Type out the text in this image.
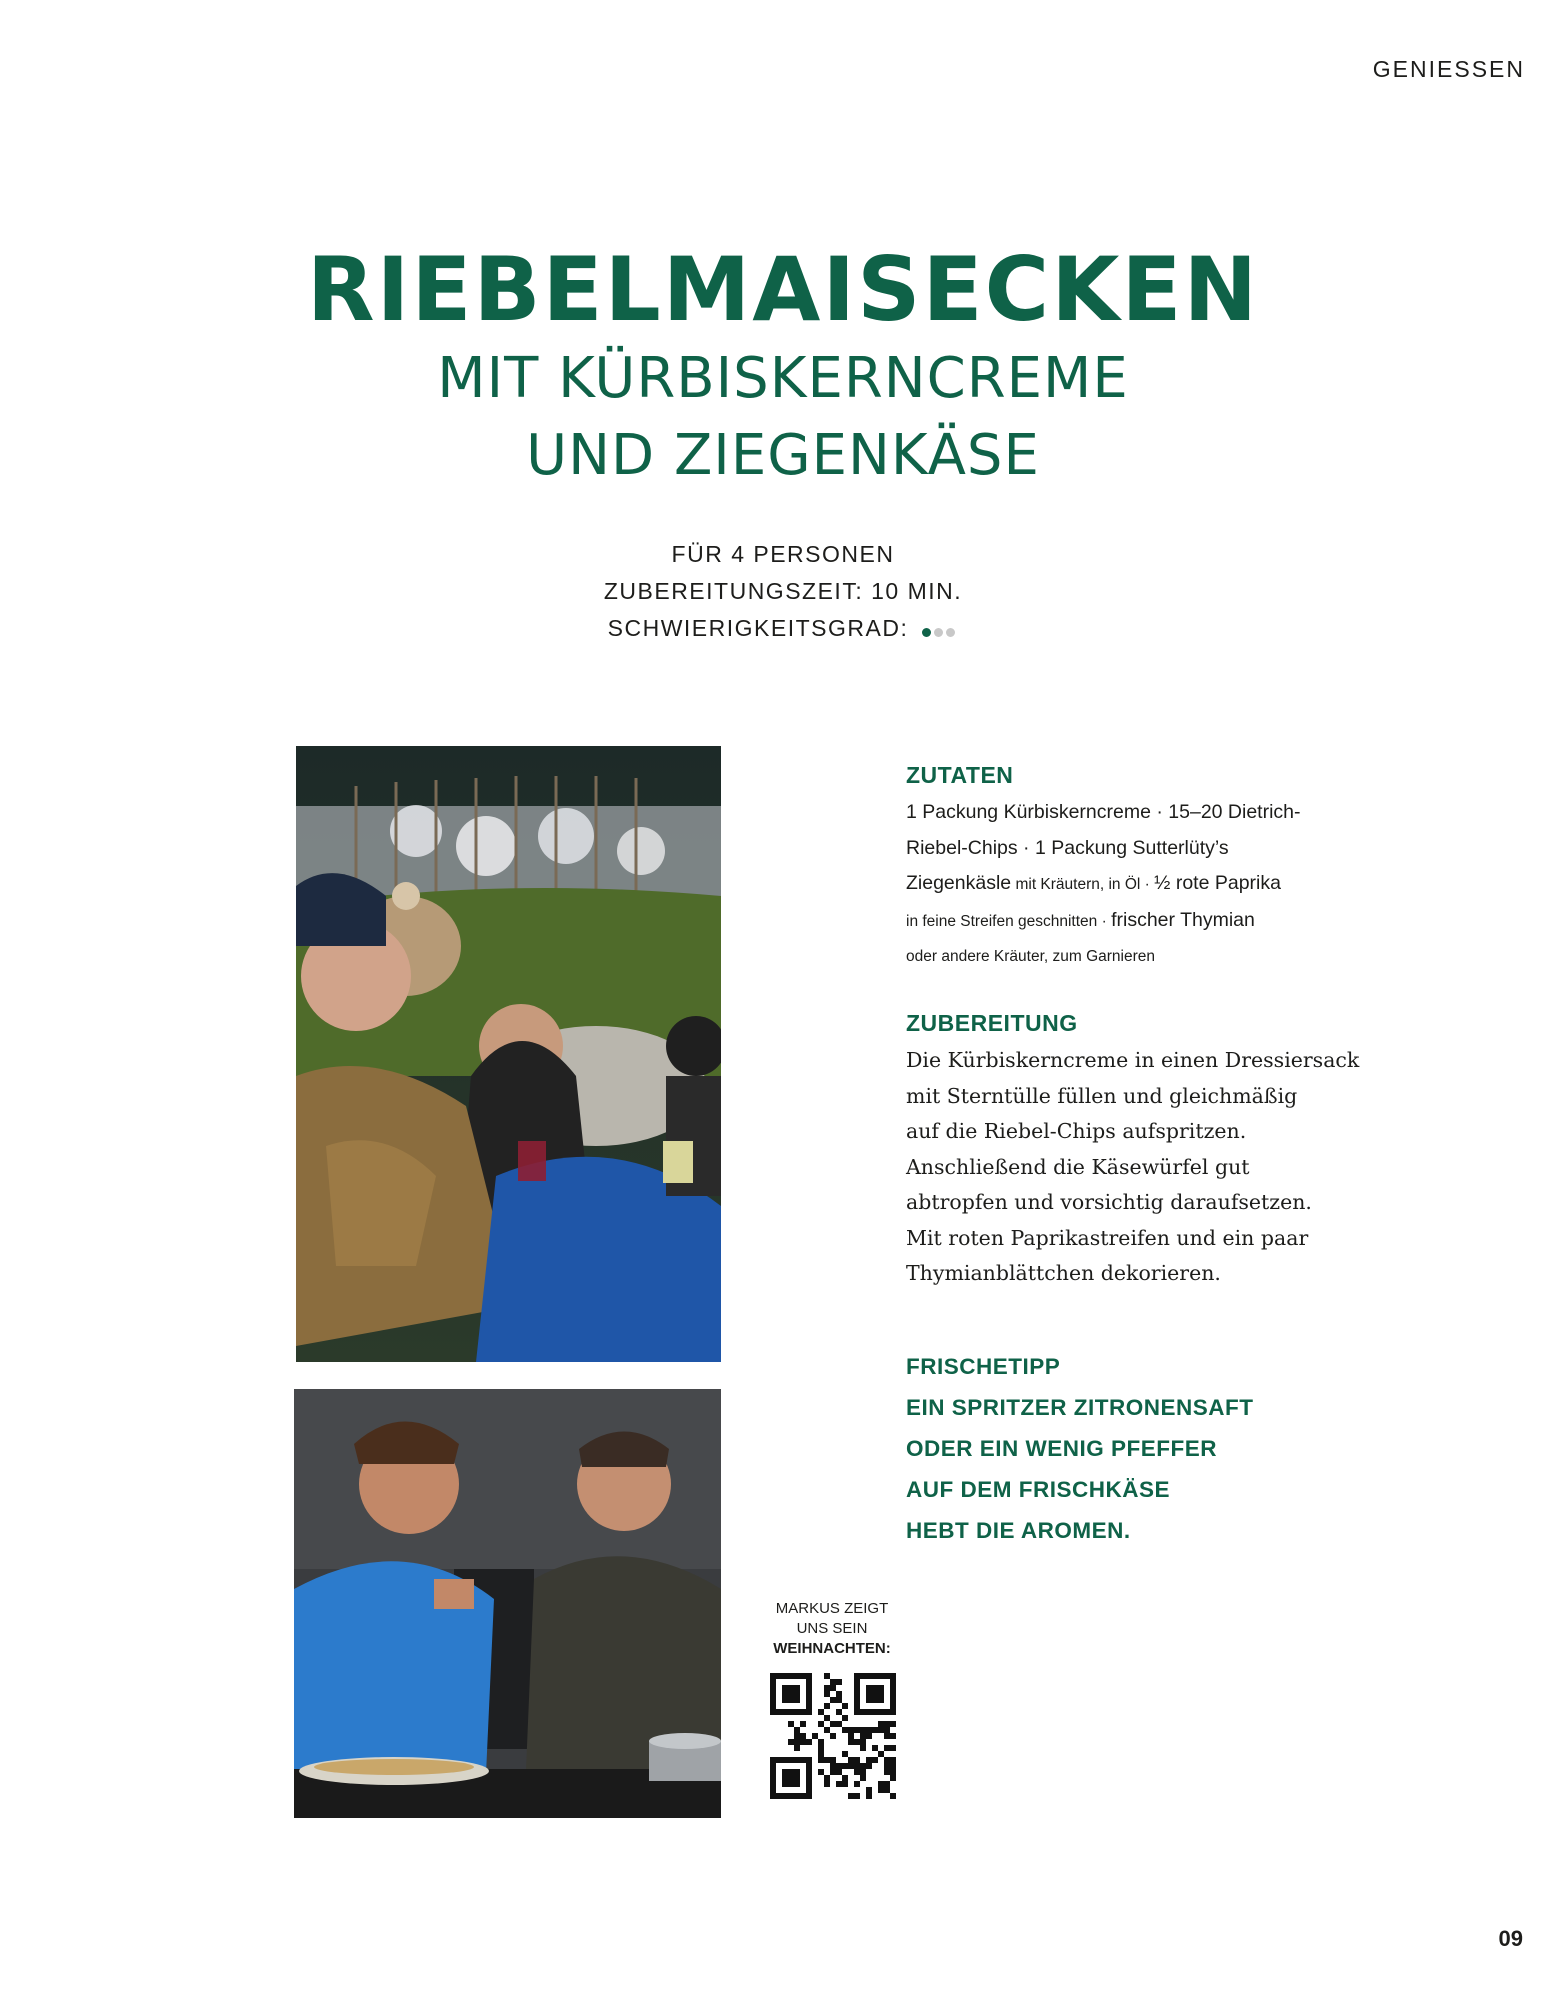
GENIESSEN

RIEBELMAISECKEN

MIT KÜRBISKERNCREME

UND ZIEGENKÄSE

FÜR 4 PERSONEN
ZUBEREITUNGSZEIT: 10 MIN.
SCHWIERIGKEITSGRAD:

ZUTATEN

1 Packung Kürbiskerncreme · 15–20 Dietrich-
Riebel-Chips · 1 Packung Sutterlüty’s
Ziegenkäsle mit Kräutern, in Öl · ½ rote Paprika
in feine Streifen geschnitten · frischer Thymian
oder andere Kräuter, zum Garnieren

ZUBEREITUNG

Die Kürbiskerncreme in einen Dressiersack
mit Sterntülle füllen und gleichmäßig
auf die Riebel-Chips aufspritzen.
Anschließend die Käsewürfel gut
abtropfen und vorsichtig daraufsetzen.
Mit roten Paprikastreifen und ein paar
Thymianblättchen dekorieren.
FRISCHETIPP
EIN SPRITZER ZITRONENSAFT
ODER EIN WENIG PFEFFER
AUF DEM FRISCHKÄSE
HEBT DIE AROMEN.
MARKUS ZEIGT
UNS SEIN
WEIHNACHTEN:
09
